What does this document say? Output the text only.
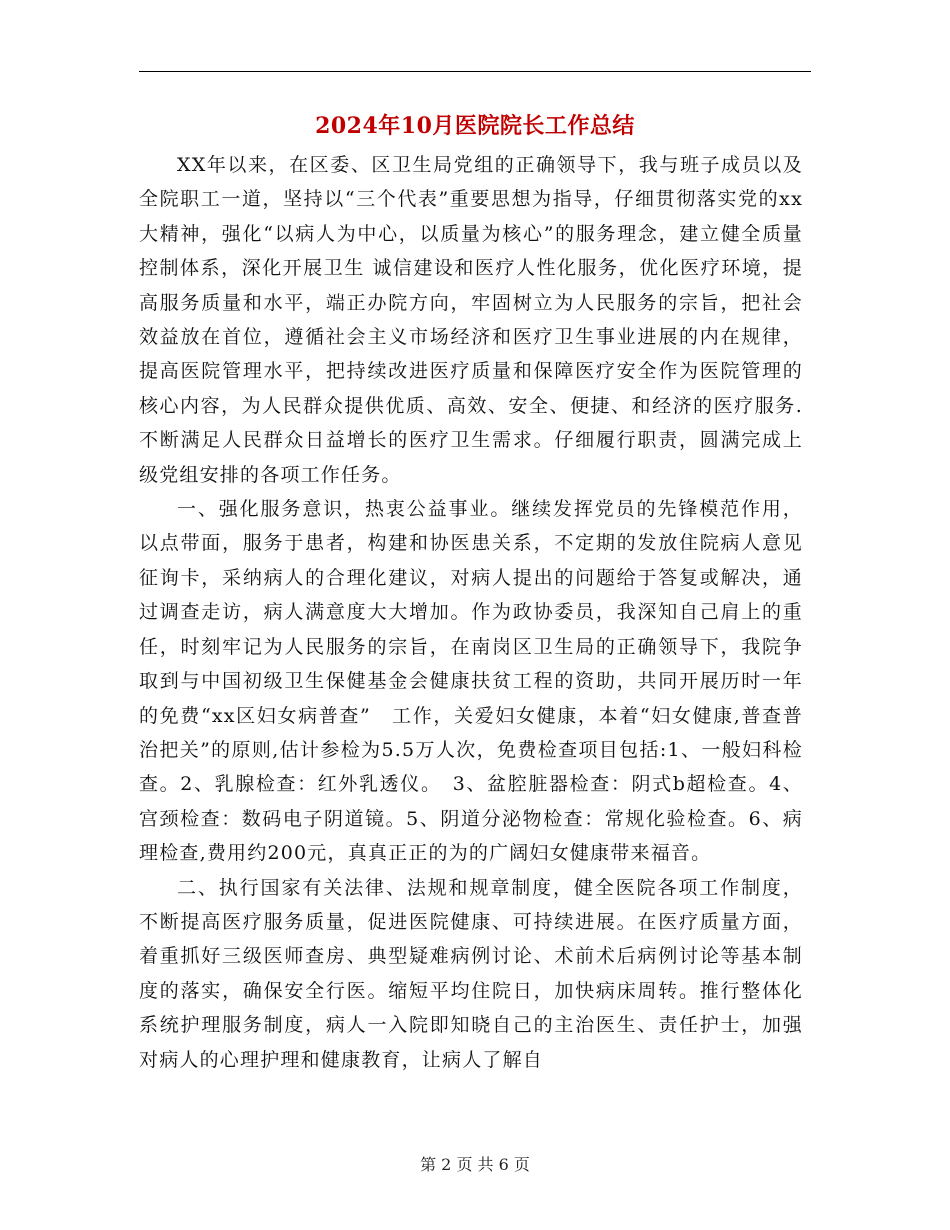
2024年10月医院院长工作总结

XX年以来，在区委、区卫生局党组的正确领导下，我与班子成员以及全院职工一道，坚持以“三个代表”重要思想为指导，仔细贯彻落实党的xx大精神，强化“以病人为中心，以质量为核心”的服务理念，建立健全质量控制体系，深化开展卫生 诚信建设和医疗人性化服务，优化医疗环境，提高服务质量和水平，端正办院方向，牢固树立为人民服务的宗旨，把社会效益放在首位，遵循社会主义市场经济和医疗卫生事业进展的内在规律，提高医院管理水平，把持续改进医疗质量和保障医疗安全作为医院管理的核心内容，为人民群众提供优质、高效、安全、便捷、和经济的医疗服务.不断满足人民群众日益增长的医疗卫生需求。仔细履行职责，圆满完成上级党组安排的各项工作任务。

一、强化服务意识，热衷公益事业。继续发挥党员的先锋模范作用，以点带面，服务于患者，构建和协医患关系，不定期的发放住院病人意见征询卡，采纳病人的合理化建议，对病人提出的问题给于答复或解决，通过调查走访，病人满意度大大增加。作为政协委员，我深知自己肩上的重任，时刻牢记为人民服务的宗旨，在南岗区卫生局的正确领导下，我院争取到与中国初级卫生保健基金会健康扶贫工程的资助，共同开展历时一年的免费“xx区妇女病普查”　工作，关爱妇女健康，本着“妇女健康,普查普治把关”的原则,估计参检为5.5万人次，免费检查项目包括:1、一般妇科检查。2、乳腺检查：红外乳透仪。　3、盆腔脏器检查：阴式b超检查。4、宫颈检查：数码电子阴道镜。5、阴道分泌物检查：常规化验检查。6、病理检查,费用约200元，真真正正的为的广阔妇女健康带来福音。

二、执行国家有关法律、法规和规章制度，健全医院各项工作制度，不断提高医疗服务质量，促进医院健康、可持续进展。在医疗质量方面，着重抓好三级医师查房、典型疑难病例讨论、术前术后病例讨论等基本制度的落实，确保安全行医。缩短平均住院日，加快病床周转。推行整体化系统护理服务制度，病人一入院即知晓自己的主治医生、责任护士，加强对病人的心理护理和健康教育，让病人了解自

第 2 页 共 6 页
